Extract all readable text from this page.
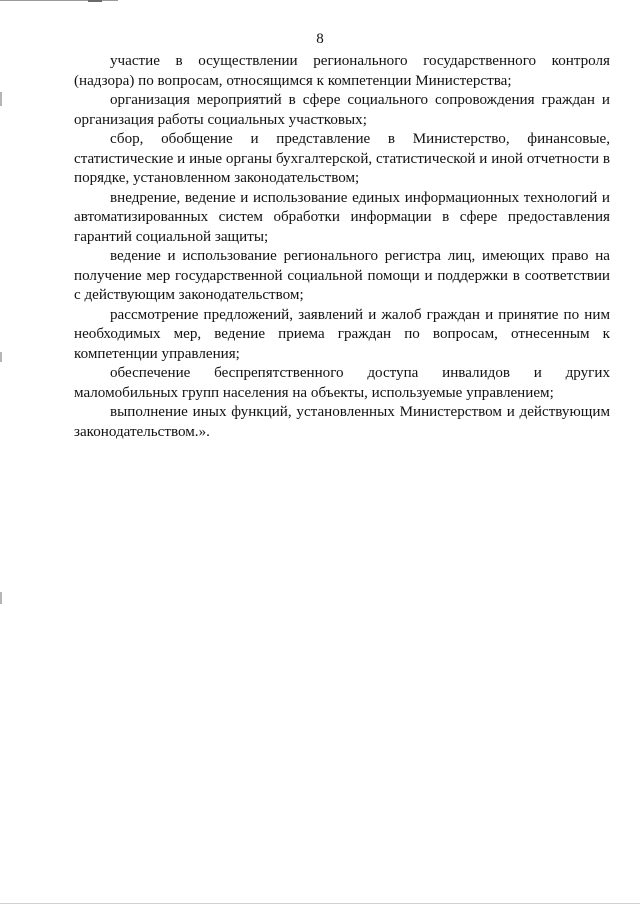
8

участие в осуществлении регионального государственного контроля (надзора) по вопросам, относящимся к компетенции Министерства;

организация мероприятий в сфере социального сопровождения граждан и организация работы социальных участковых;

сбор, обобщение и представление в Министерство, финансовые, статистические и иные органы бухгалтерской, статистической и иной отчетности в порядке, установленном законодательством;

внедрение, ведение и использование единых информационных технологий и автоматизированных систем обработки информации в сфере предоставления гарантий социальной защиты;

ведение и использование регионального регистра лиц, имеющих право на получение мер государственной социальной помощи и поддержки в соответствии с действующим законодательством;

рассмотрение предложений, заявлений и жалоб граждан и принятие по ним необходимых мер, ведение приема граждан по вопросам, отнесенным к компетенции управления;

обеспечение беспрепятственного доступа инвалидов и других маломобильных групп населения на объекты, используемые управлением;

выполнение иных функций, установленных Министерством и действующим законодательством.».
